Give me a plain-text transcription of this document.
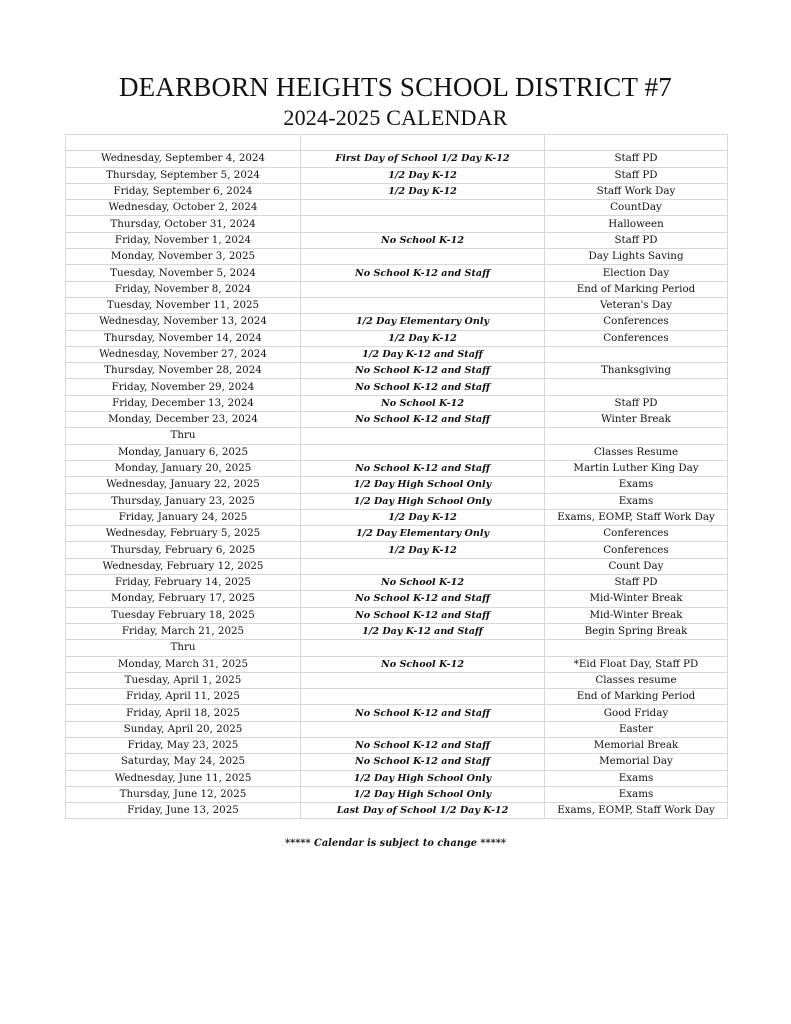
DEARBORN HEIGHTS SCHOOL DISTRICT #7
2024-2025 CALENDAR

Wednesday, September 4, 2024	First Day of School 1/2 Day K-12	Staff PD
Thursday, September 5, 2024	1/2 Day K-12	Staff PD
Friday, September 6, 2024	1/2 Day K-12	Staff Work Day
Wednesday, October 2, 2024		CountDay
Thursday, October 31, 2024		Halloween
Friday, November 1, 2024	No School K-12	Staff PD
Monday, November 3, 2025		Day Lights Saving
Tuesday, November 5, 2024	No School K-12 and Staff	Election Day
Friday, November 8, 2024		End of Marking Period
Tuesday, November 11, 2025		Veteran's Day
Wednesday, November 13, 2024	1/2 Day Elementary Only	Conferences
Thursday, November 14, 2024	1/2 Day K-12	Conferences
Wednesday, November 27, 2024	1/2 Day K-12 and Staff	
Thursday, November 28, 2024	No School K-12 and Staff	Thanksgiving
Friday, November 29, 2024	No School K-12 and Staff	
Friday, December 13, 2024	No School K-12	Staff PD
Monday, December 23, 2024	No School K-12 and Staff	Winter Break
Thru		
Monday, January 6, 2025		Classes Resume
Monday, January 20, 2025	No School K-12 and Staff	Martin Luther King Day
Wednesday, January 22, 2025	1/2 Day High School Only	Exams
Thursday, January 23, 2025	1/2 Day High School Only	Exams
Friday, January 24, 2025	1/2 Day K-12	Exams, EOMP, Staff Work Day
Wednesday, February 5, 2025	1/2 Day Elementary Only	Conferences
Thursday, February 6, 2025	1/2 Day K-12	Conferences
Wednesday, February 12, 2025		Count Day
Friday, February 14, 2025	No School K-12	Staff PD
Monday, February 17, 2025	No School K-12 and Staff	Mid-Winter Break
Tuesday February 18, 2025	No School K-12 and Staff	Mid-Winter Break
Friday, March 21, 2025	1/2 Day K-12 and Staff	Begin Spring Break
Thru		
Monday, March 31, 2025	No School K-12	*Eid Float Day, Staff PD
Tuesday, April 1, 2025		Classes resume
Friday, April 11, 2025		End of Marking Period
Friday, April 18, 2025	No School K-12 and Staff	Good Friday
Sunday, April 20, 2025		Easter
Friday, May 23, 2025	No School K-12 and Staff	Memorial Break
Saturday, May 24, 2025	No School K-12 and Staff	Memorial Day
Wednesday, June 11, 2025	1/2 Day High School Only	Exams
Thursday, June 12, 2025	1/2 Day High School Only	Exams
Friday, June 13, 2025	Last Day of School 1/2 Day K-12	Exams, EOMP, Staff Work Day
***** Calendar is subject to change *****
